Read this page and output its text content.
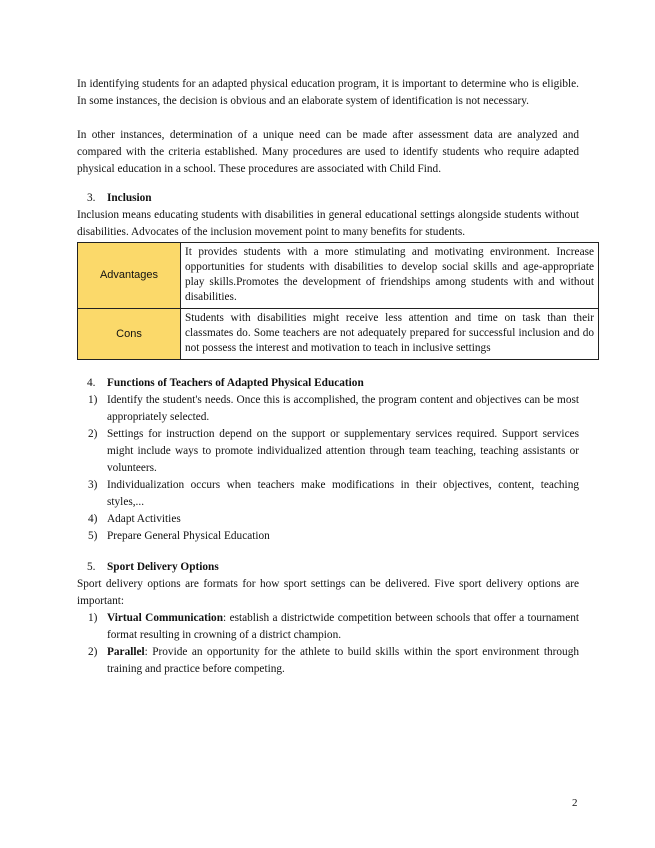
In identifying students for an adapted physical education program, it is important to determine who is eligible. In some instances, the decision is obvious and an elaborate system of identification is not necessary.

In other instances, determination of a unique need can be made after assessment data are analyzed and compared with the criteria established. Many procedures are used to identify students who require adapted physical education in a school. These procedures are associated with Child Find.

3.	Inclusion

Inclusion means educating students with disabilities in general educational settings alongside students without disabilities. Advocates of the inclusion movement point to many benefits for students.

Advantages	It provides students with a more stimulating and motivating environment. Increase opportunities for students with disabilities to develop social skills and age-appropriate play skills.Promotes the development of friendships among students with and without disabilities.
Cons	Students with disabilities might receive less attention and time on task than their classmates do. Some teachers are not adequately prepared for successful inclusion and do not possess the interest and motivation to teach in inclusive settings
4.	Functions of Teachers of Adapted Physical Education
1) Identify the student's needs. Once this is accomplished, the program content and objectives can be most appropriately selected.
2) Settings for instruction depend on the support or supplementary services required. Support services might include ways to promote individualized attention through team teaching, teaching assistants or volunteers.
3) Individualization occurs when teachers make modifications in their objectives, content, teaching styles,...
4) Adapt Activities
5) Prepare General Physical Education
5.	Sport Delivery Options

Sport delivery options are formats for how sport settings can be delivered. Five sport delivery options are important:

1) Virtual Communication: establish a districtwide competition between schools that offer a tournament format resulting in crowning of a district champion.
2) Parallel: Provide an opportunity for the athlete to build skills within the sport environment through training and practice before competing.
2
